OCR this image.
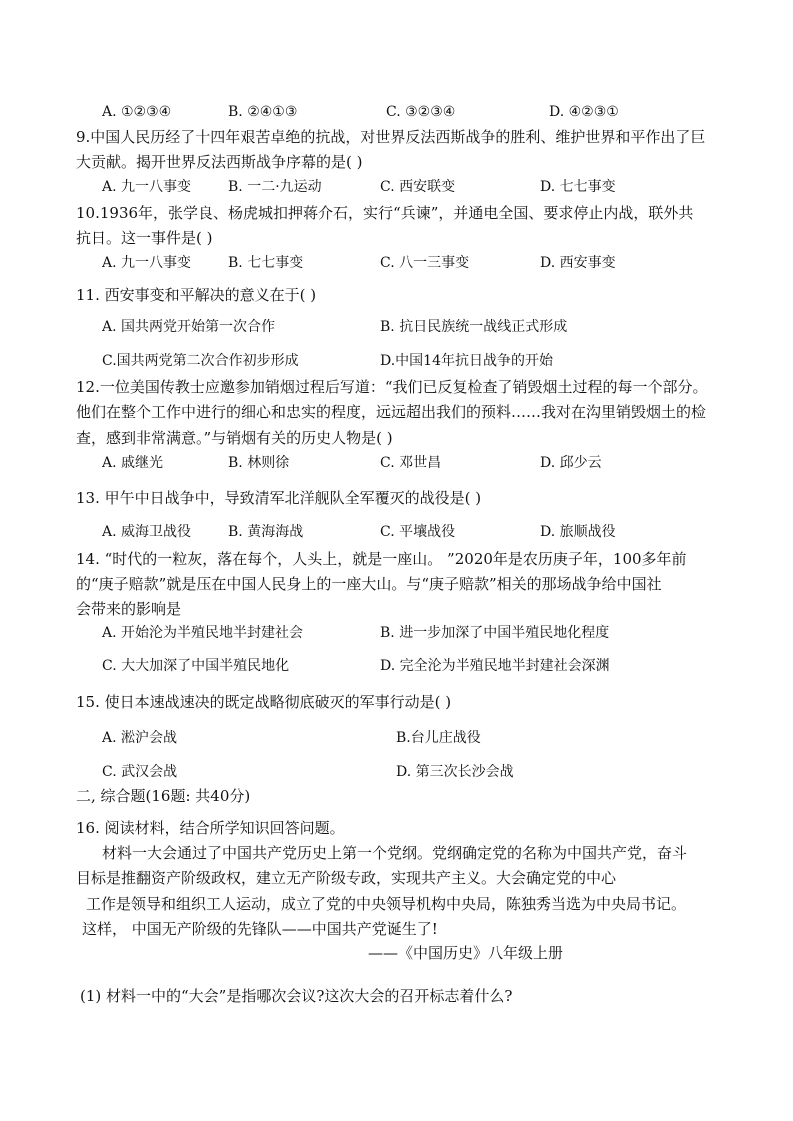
A. ①②③④	B. ②④①③	C. ③②③④	D. ④②③①
9.中国人民历经了十四年艰苦卓绝的抗战，对世界反法西斯战争的胜利、维护世界和平作出了巨
大贡献。揭开世界反法西斯战争序幕的是( )
A. 九一八事变	B. 一二·九运动	C. 西安联变	D. 七七事变
10.1936年，张学良、杨虎城扣押蒋介石，实行“兵谏”，并通电全国、要求停止内战，联外共
抗日。这一事件是( )
A. 九一八事变	B. 七七事变	C. 八一三事变	D. 西安事变
11. 西安事变和平解决的意义在于( )
A. 国共两党开始第一次合作	B. 抗日民族统一战线正式形成
C.国共两党第二次合作初步形成	D.中国14年抗日战争的开始
12.一位美国传教士应邀参加销烟过程后写道：“我们已反复检查了销毁烟土过程的每一个部分。
他们在整个工作中进行的细心和忠实的程度，远远超出我们的预料……我对在沟里销毁烟土的检
查，感到非常满意。”与销烟有关的历史人物是( )
A. 戚继光	B. 林则徐	C. 邓世昌	D. 邱少云
13. 甲午中日战争中，导致清军北洋舰队全军覆灭的战役是( )
A. 威海卫战役	B. 黄海海战	C. 平壤战役	D. 旅顺战役
14. “时代的一粒灰，落在每个，人头上，就是一座山。 ”2020年是农历庚子年，100多年前
的“庚子赔款”就是压在中国人民身上的一座大山。与“庚子赔款”相关的那场战争给中国社
会带来的影响是
A. 开始沦为半殖民地半封建社会	B. 进一步加深了中国半殖民地化程度
C. 大大加深了中国半殖民地化	D. 完全沦为半殖民地半封建社会深渊
15. 使日本速战速决的既定战略彻底破灭的军事行动是( )
A. 淞沪会战	B.台儿庄战役
C. 武汉会战	D. 第三次长沙会战
二, 综合题(16题: 共40分)
16. 阅读材料，结合所学知识回答问题。
材料一大会通过了中国共产党历史上第一个党纲。党纲确定党的名称为中国共产党，奋斗
目标是推翻资产阶级政权，建立无产阶级专政，实现共产主义。大会确定党的中心
工作是领导和组织工人运动，成立了党的中央领导机构中央局，陈独秀当选为中央局书记。
这样， 中国无产阶级的先锋队——中国共产党诞生了!
——《中国历史》八年级上册
(1) 材料一中的“大会”是指哪次会议?这次大会的召开标志着什么?
